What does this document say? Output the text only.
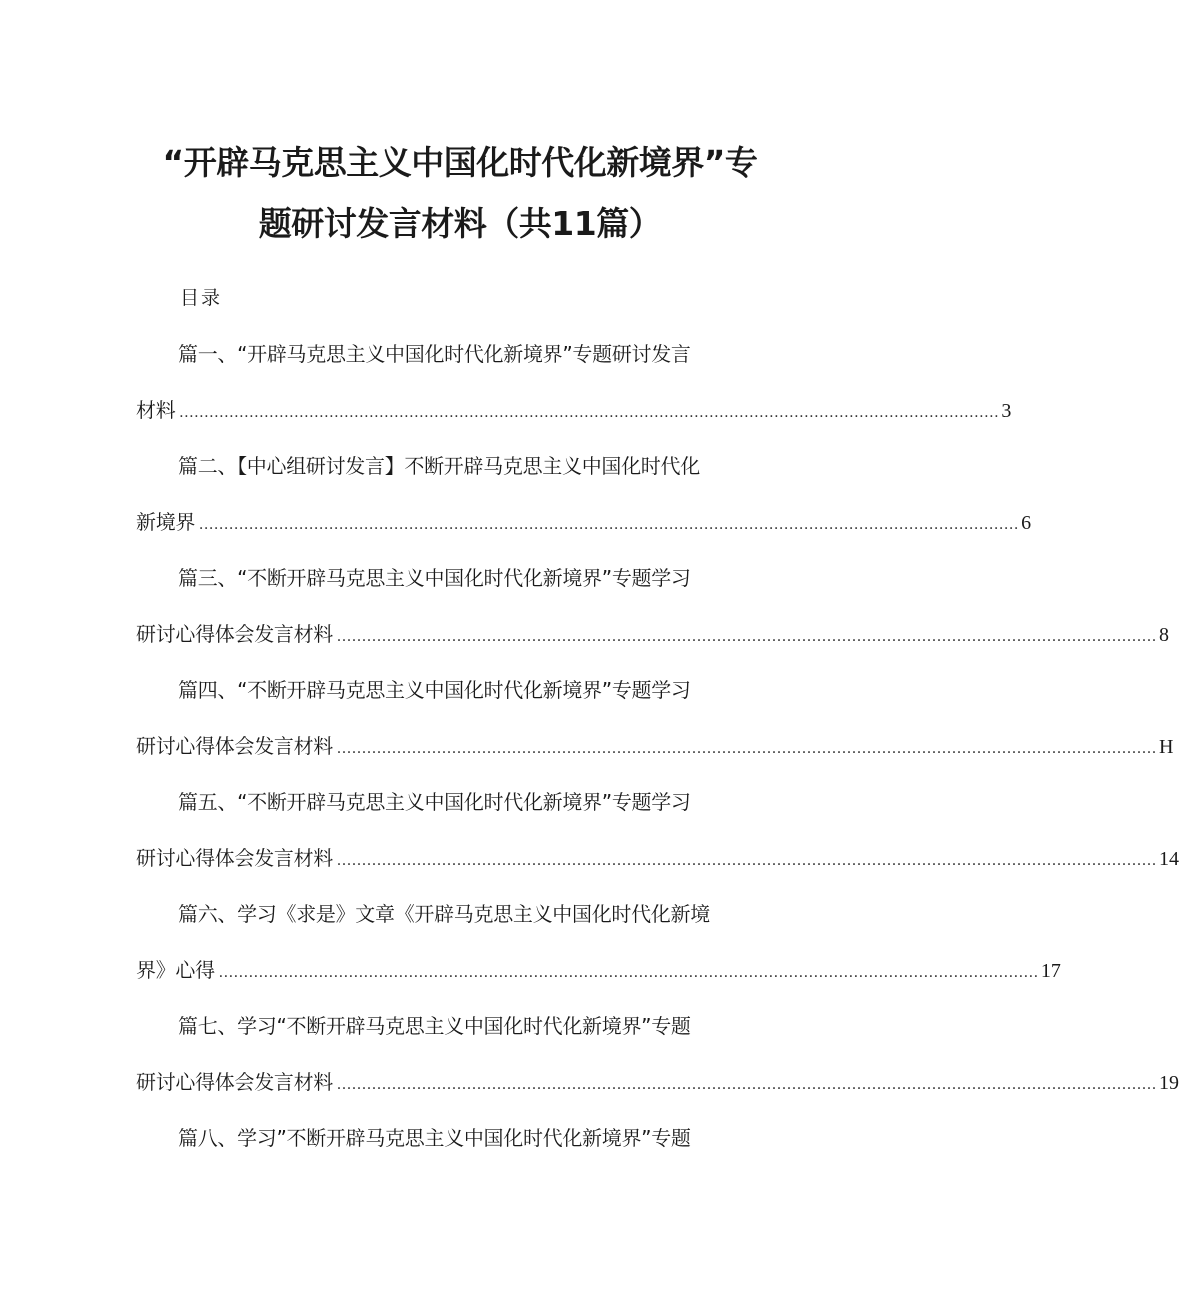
“开辟马克思主义中国化时代化新境界”专
题研讨发言材料（共11篇）
目录
篇一、“开辟马克思主义中国化时代化新境界”专题研讨发言
材料 .................................................................................................................................................................... 3
篇二、【中心组研讨发言】不断开辟马克思主义中国化时代化
新境界 .................................................................................................................................................................... 6
篇三、“不断开辟马克思主义中国化时代化新境界”专题学习
研讨心得体会发言材料 .................................................................................................................................................................... 8
篇四、“不断开辟马克思主义中国化时代化新境界”专题学习
研讨心得体会发言材料 .................................................................................................................................................................... H
篇五、“不断开辟马克思主义中国化时代化新境界”专题学习
研讨心得体会发言材料 .................................................................................................................................................................... 14
篇六、学习《求是》文章《开辟马克思主义中国化时代化新境
界》心得 .................................................................................................................................................................... 17
篇七、学习“不断开辟马克思主义中国化时代化新境界”专题
研讨心得体会发言材料 .................................................................................................................................................................... 19
篇八、学习”不断开辟马克思主义中国化时代化新境界”专题
